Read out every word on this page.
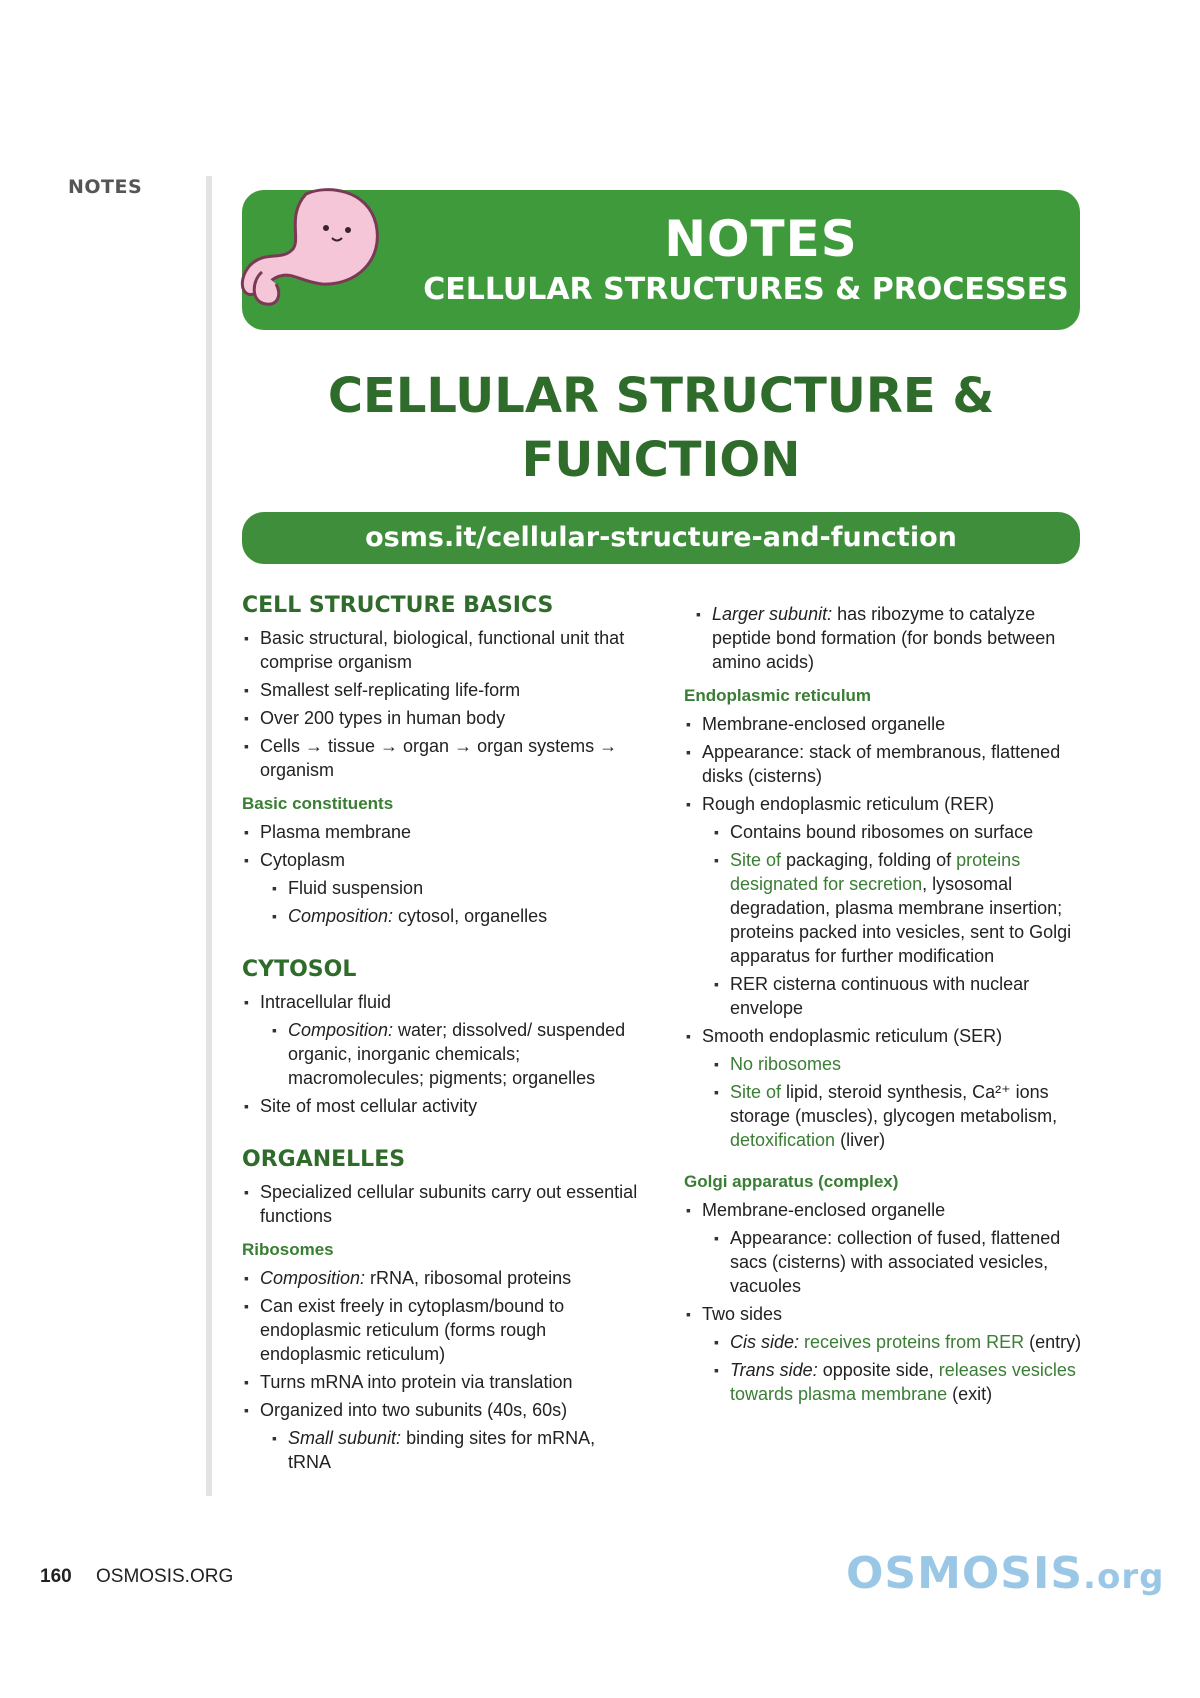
NOTES
NOTES
CELLULAR STRUCTURES & PROCESSES
CELLULAR STRUCTURE &
FUNCTION
osms.it/cellular-structure-and-function
CELL STRUCTURE BASICS
▪ Basic structural, biological, functional unit that comprise organism
▪ Smallest self-replicating life-form
▪ Over 200 types in human body
▪ Cells → tissue → organ → organ systems → organism
Basic constituents
▪ Plasma membrane
▪ Cytoplasm
▪ Fluid suspension
▪ Composition: cytosol, organelles
CYTOSOL
▪ Intracellular fluid
▪ Composition: water; dissolved/ suspended organic, inorganic chemicals; macromolecules; pigments; organelles
▪ Site of most cellular activity
ORGANELLES
▪ Specialized cellular subunits carry out essential functions
Ribosomes
▪ Composition: rRNA, ribosomal proteins
▪ Can exist freely in cytoplasm/bound to endoplasmic reticulum (forms rough endoplasmic reticulum)
▪ Turns mRNA into protein via translation
▪ Organized into two subunits (40s, 60s)
▪ Small subunit: binding sites for mRNA, tRNA
▪ Larger subunit: has ribozyme to catalyze peptide bond formation (for bonds between amino acids)
Endoplasmic reticulum
▪ Membrane-enclosed organelle
▪ Appearance: stack of membranous, flattened disks (cisterns)
▪ Rough endoplasmic reticulum (RER)
▪ Contains bound ribosomes on surface
▪ Site of packaging, folding of proteins designated for secretion, lysosomal degradation, plasma membrane insertion; proteins packed into vesicles, sent to Golgi apparatus for further modification
▪ RER cisterna continuous with nuclear envelope
▪ Smooth endoplasmic reticulum (SER)
▪ No ribosomes
▪ Site of lipid, steroid synthesis, Ca²⁺ ions storage (muscles), glycogen metabolism, detoxification (liver)
Golgi apparatus (complex)
▪ Membrane-enclosed organelle
▪ Appearance: collection of fused, flattened sacs (cisterns) with associated vesicles, vacuoles
▪ Two sides
▪ Cis side: receives proteins from RER (entry)
▪ Trans side: opposite side, releases vesicles towards plasma membrane (exit)
160 OSMOSIS.ORG	OSMOSIS.org
